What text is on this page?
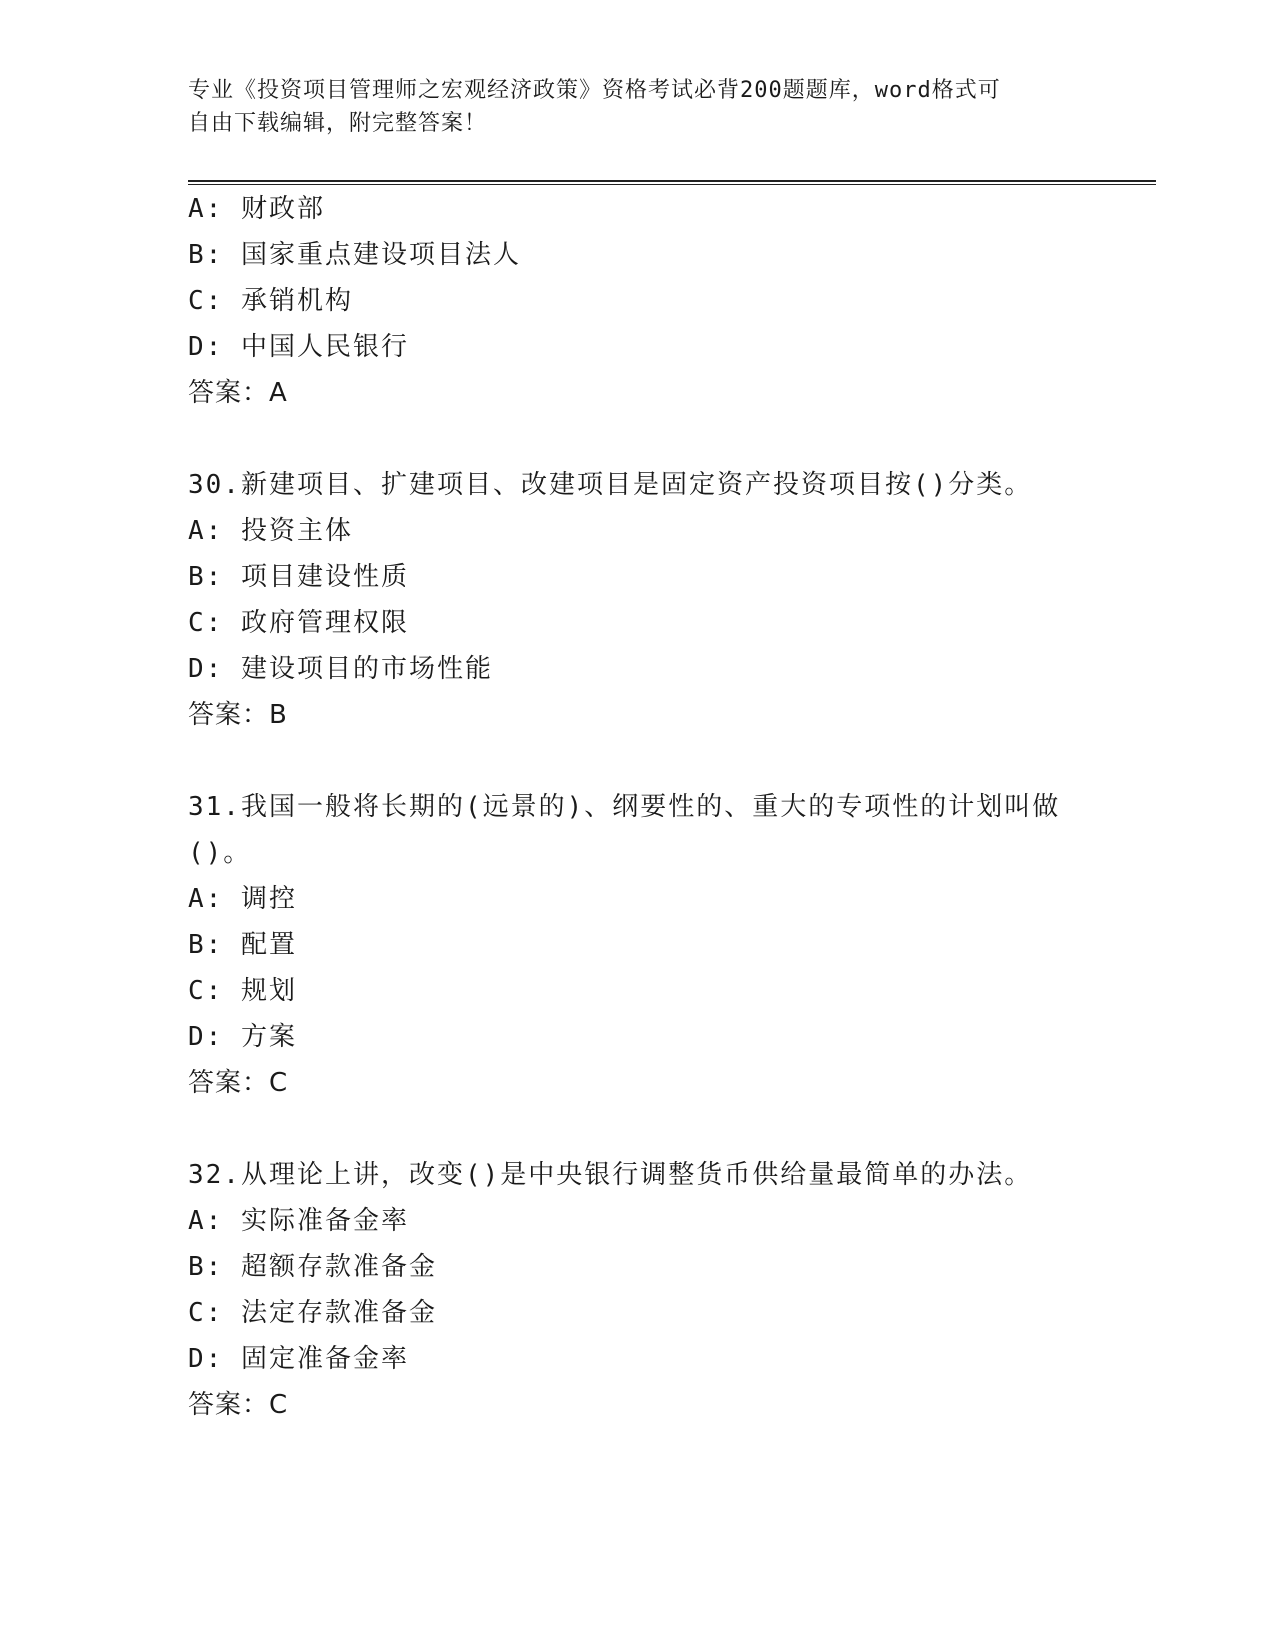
专业《投资项目管理师之宏观经济政策》资格考试必背200题题库，word格式可
自由下载编辑，附完整答案！
A: 财政部
B: 国家重点建设项目法人
C: 承销机构
D: 中国人民银行
答案：A
30.新建项目、扩建项目、改建项目是固定资产投资项目按()分类。
A: 投资主体
B: 项目建设性质
C: 政府管理权限
D: 建设项目的市场性能
答案：B
31.我国一般将长期的(远景的)、纲要性的、重大的专项性的计划叫做
()。
A: 调控
B: 配置
C: 规划
D: 方案
答案：C
32.从理论上讲，改变()是中央银行调整货币供给量最简单的办法。
A: 实际准备金率
B: 超额存款准备金
C: 法定存款准备金
D: 固定准备金率
答案：C
